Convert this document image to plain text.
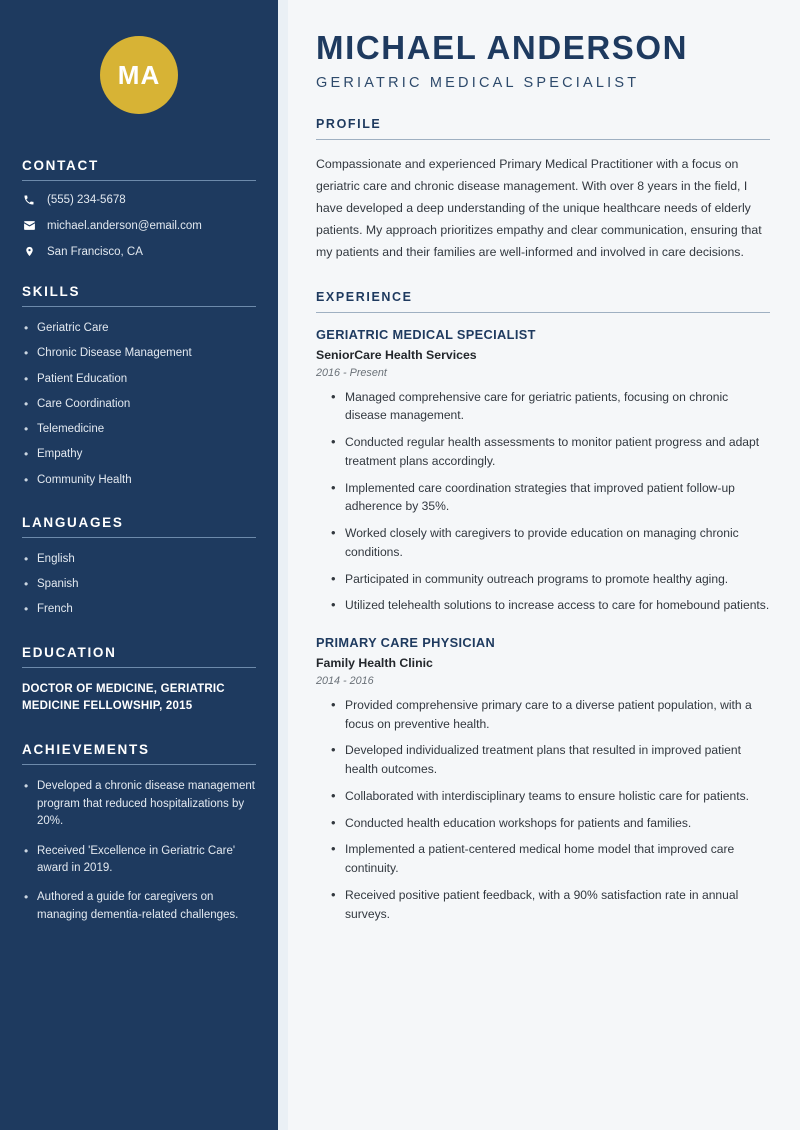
MA
CONTACT
(555) 234-5678
michael.anderson@email.com
San Francisco, CA
SKILLS
• Geriatric Care
• Chronic Disease Management
• Patient Education
• Care Coordination
• Telemedicine
• Empathy
• Community Health
LANGUAGES
• English
• Spanish
• French
EDUCATION
DOCTOR OF MEDICINE, GERIATRIC MEDICINE FELLOWSHIP, 2015
ACHIEVEMENTS
• Developed a chronic disease management program that reduced hospitalizations by 20%.
• Received 'Excellence in Geriatric Care' award in 2019.
• Authored a guide for caregivers on managing dementia-related challenges.
MICHAEL ANDERSON
GERIATRIC MEDICAL SPECIALIST
PROFILE

Compassionate and experienced Primary Medical Practitioner with a focus on geriatric care and chronic disease management. With over 8 years in the field, I have developed a deep understanding of the unique healthcare needs of elderly patients. My approach prioritizes empathy and clear communication, ensuring that my patients and their families are well-informed and involved in care decisions.

EXPERIENCE
GERIATRIC MEDICAL SPECIALIST
SeniorCare Health Services
2016 - Present
• Managed comprehensive care for geriatric patients, focusing on chronic disease management.
• Conducted regular health assessments to monitor patient progress and adapt treatment plans accordingly.
• Implemented care coordination strategies that improved patient follow-up adherence by 35%.
• Worked closely with caregivers to provide education on managing chronic conditions.
• Participated in community outreach programs to promote healthy aging.
• Utilized telehealth solutions to increase access to care for homebound patients.
PRIMARY CARE PHYSICIAN
Family Health Clinic
2014 - 2016
• Provided comprehensive primary care to a diverse patient population, with a focus on preventive health.
• Developed individualized treatment plans that resulted in improved patient health outcomes.
• Collaborated with interdisciplinary teams to ensure holistic care for patients.
• Conducted health education workshops for patients and families.
• Implemented a patient-centered medical home model that improved care continuity.
• Received positive patient feedback, with a 90% satisfaction rate in annual surveys.
